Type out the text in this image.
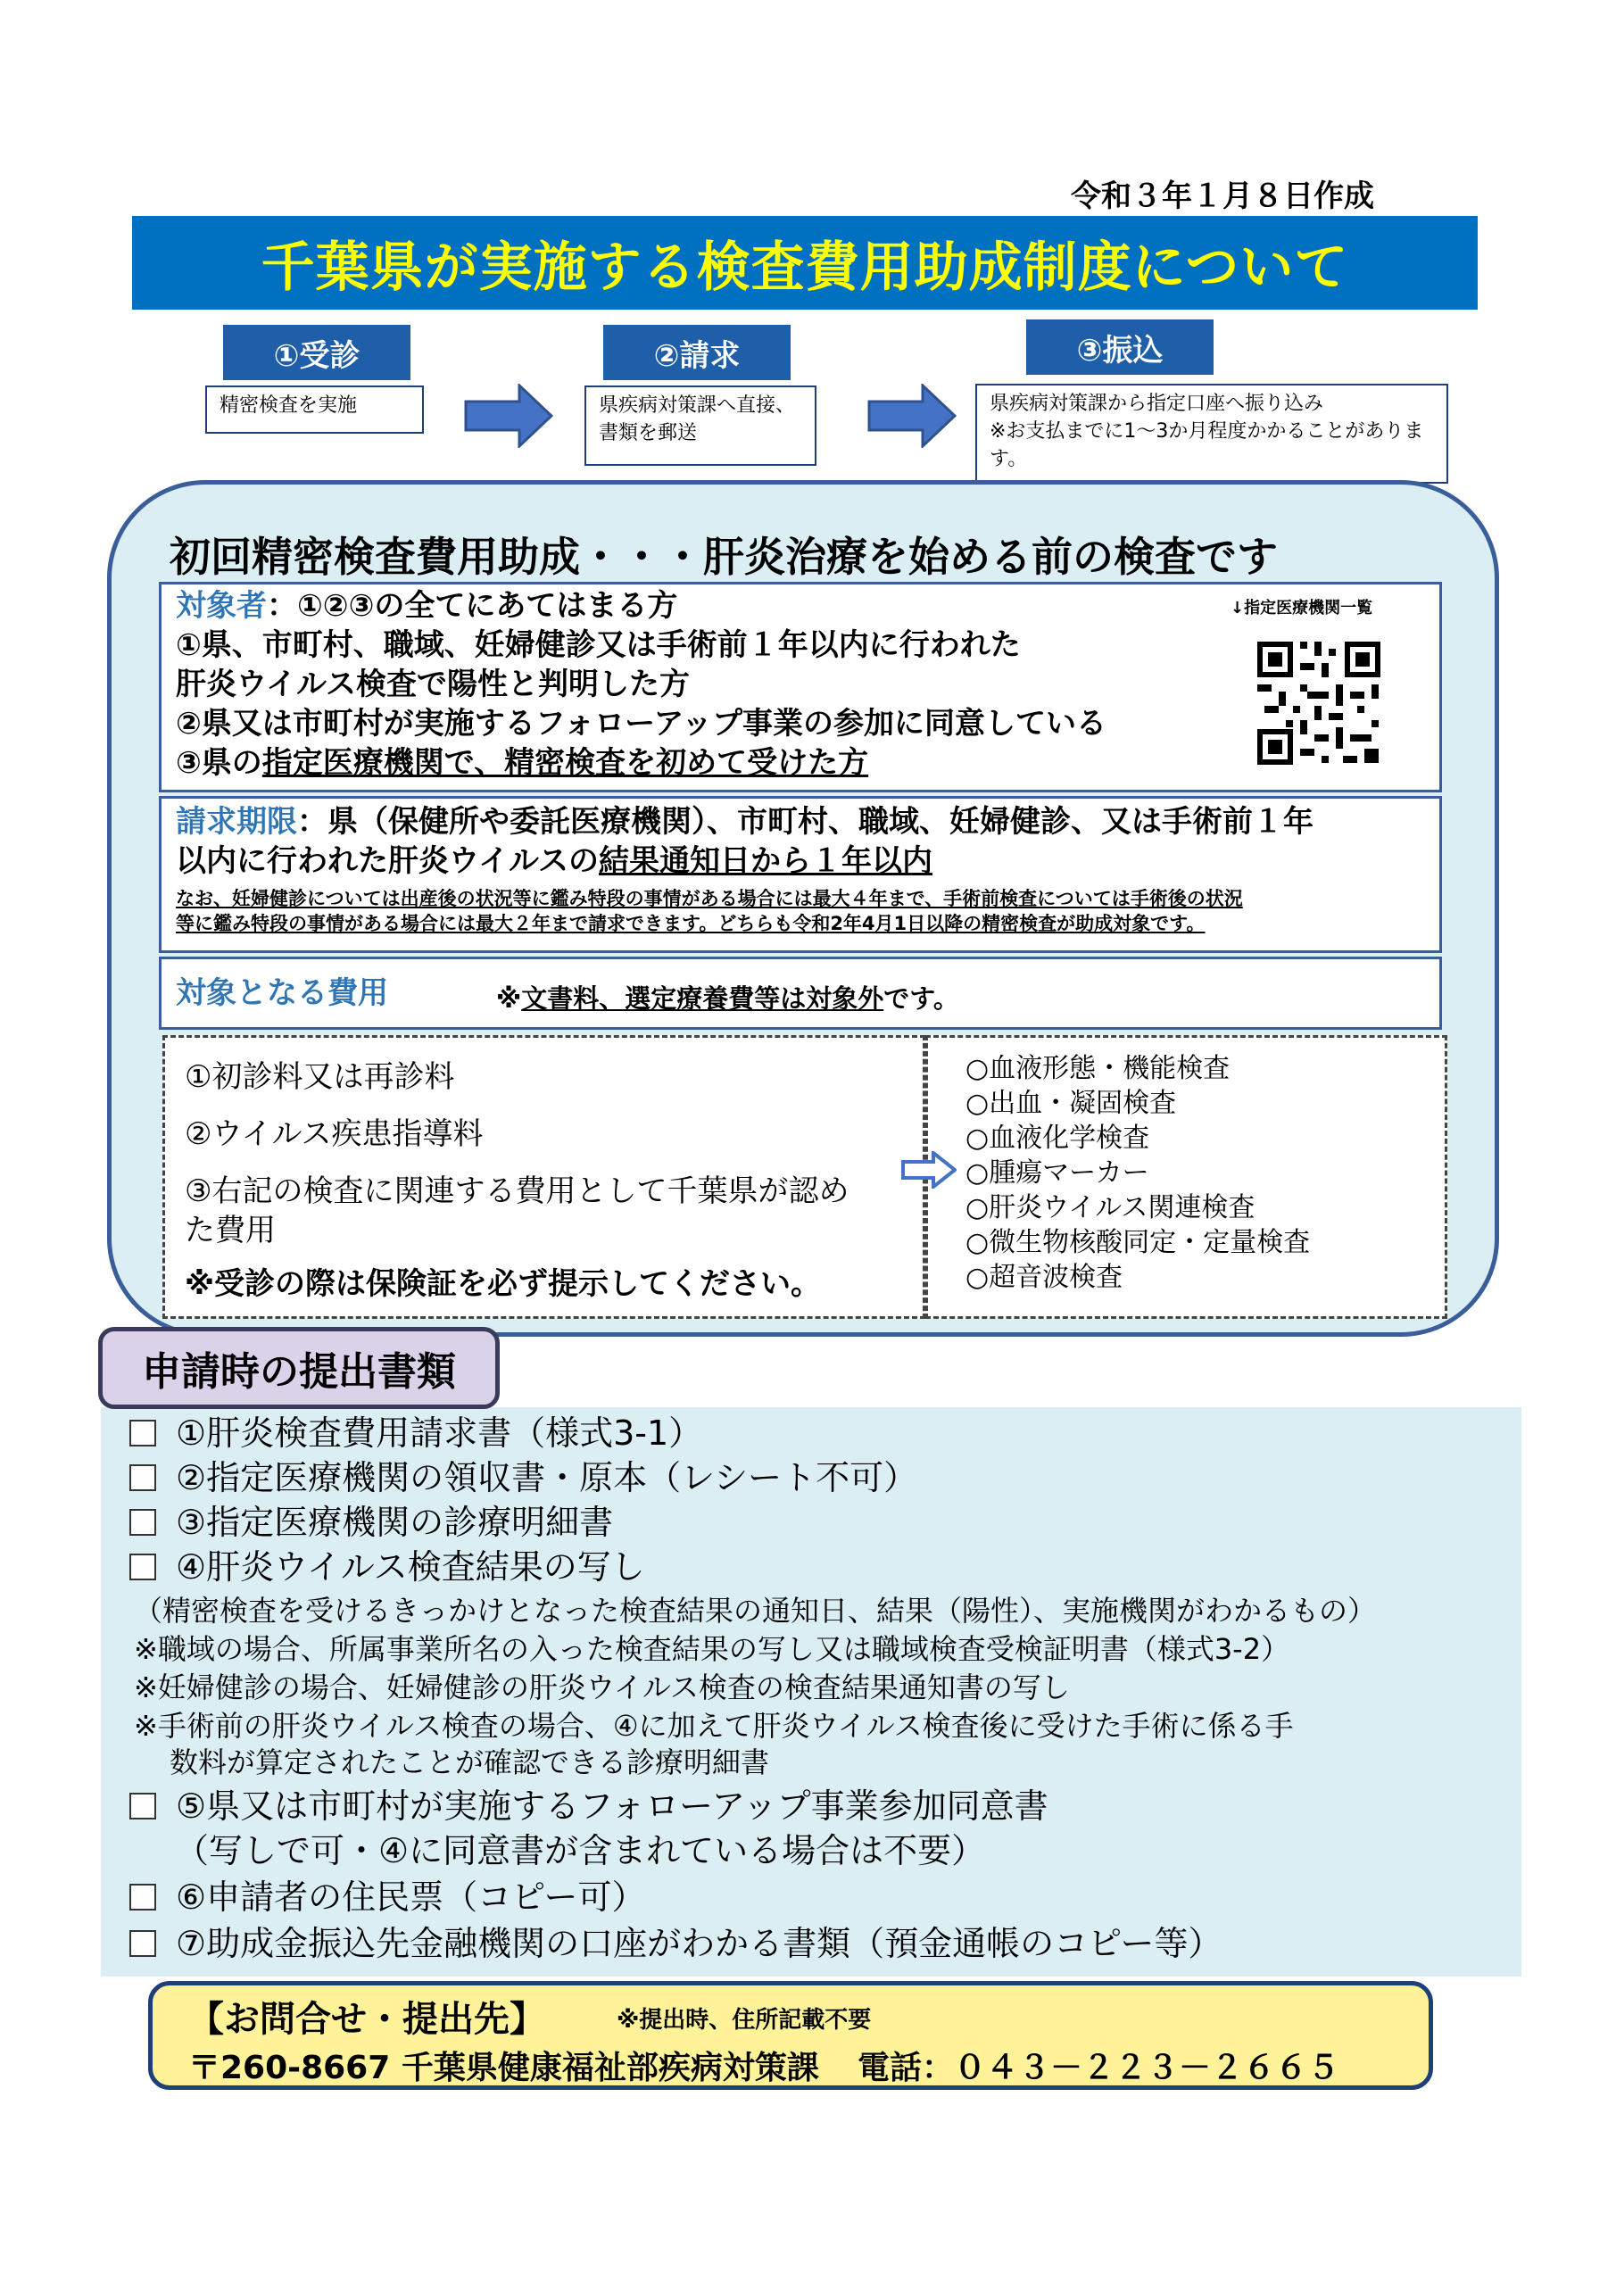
令和３年１月８日作成
千葉県が実施する検査費用助成制度について
①受診
精密検査を実施
②請求
県疾病対策課へ直接、書類を郵送
③振込
県疾病対策課から指定口座へ振り込み
※お支払までに1～3か月程度かかることがあります。
初回精密検査費用助成・・・肝炎治療を始める前の検査です
対象者：①②③の全てにあてはまる方
①県、市町村、職域、妊婦健診又は手術前１年以内に行われた
肝炎ウイルス検査で陽性と判明した方
②県又は市町村が実施するフォローアップ事業の参加に同意している
③県の指定医療機関で、精密検査を初めて受けた方
↓指定医療機関一覧
請求期限：県（保健所や委託医療機関）、市町村、職域、妊婦健診、又は手術前１年
以内に行われた肝炎ウイルスの結果通知日から１年以内
なお、妊婦健診については出産後の状況等に鑑み特段の事情がある場合には最大４年まで、手術前検査については手術後の状況
等に鑑み特段の事情がある場合には最大２年まで請求できます。どちらも令和2年4月1日以降の精密検査が助成対象です。
対象となる費用	※文書料、選定療養費等は対象外です。
①初診料又は再診料
②ウイルス疾患指導料
③右記の検査に関連する費用として千葉県が認め
た費用
※受診の際は保険証を必ず提示してください。
○血液形態・機能検査
○出血・凝固検査
○血液化学検査
○腫瘍マーカー
○肝炎ウイルス関連検査
○微生物核酸同定・定量検査
○超音波検査
申請時の提出書類
①肝炎検査費用請求書（様式3-1）
②指定医療機関の領収書・原本（レシート不可）
③指定医療機関の診療明細書
④肝炎ウイルス検査結果の写し
（精密検査を受けるきっかけとなった検査結果の通知日、結果（陽性）、実施機関がわかるもの）
※職域の場合、所属事業所名の入った検査結果の写し又は職域検査受検証明書（様式3-2）
※妊婦健診の場合、妊婦健診の肝炎ウイルス検査の検査結果通知書の写し
※手術前の肝炎ウイルス検査の場合、④に加えて肝炎ウイルス検査後に受けた手術に係る手
数料が算定されたことが確認できる診療明細書
⑤県又は市町村が実施するフォローアップ事業参加同意書
（写しで可・④に同意書が含まれている場合は不要）
⑥申請者の住民票（コピー可）
⑦助成金振込先金融機関の口座がわかる書類（預金通帳のコピー等）
【お問合せ・提出先】	※提出時、住所記載不要
〒260-8667 千葉県健康福祉部疾病対策課 電話：０４３－２２３－２６６５
